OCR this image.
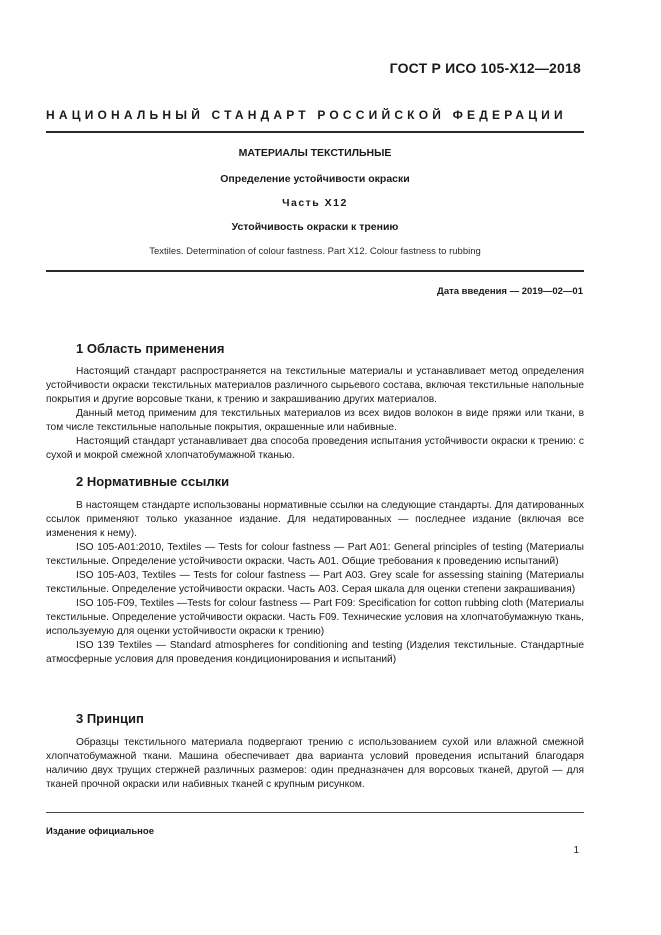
ГОСТ Р ИСО 105-X12—2018
НАЦИОНАЛЬНЫЙ СТАНДАРТ РОССИЙСКОЙ ФЕДЕРАЦИИ
МАТЕРИАЛЫ ТЕКСТИЛЬНЫЕ
Определение устойчивости окраски
Часть X12
Устойчивость окраски к трению
Textiles. Determination of colour fastness. Part X12. Colour fastness to rubbing
Дата введения — 2019—02—01
1 Область применения

Настоящий стандарт распространяется на текстильные материалы и устанавливает метод определения устойчивости окраски текстильных материалов различного сырьевого состава, включая текстильные напольные покрытия и другие ворсовые ткани, к трению и закрашиванию других материалов.

Данный метод применим для текстильных материалов из всех видов волокон в виде пряжи или ткани, в том числе текстильные напольные покрытия, окрашенные или набивные.

Настоящий стандарт устанавливает два способа проведения испытания устойчивости окраски к трению: с сухой и мокрой смежной хлопчатобумажной тканью.

2 Нормативные ссылки

В настоящем стандарте использованы нормативные ссылки на следующие стандарты. Для датированных ссылок применяют только указанное издание. Для недатированных — последнее издание (включая все изменения к нему).

ISO 105-A01:2010, Textiles — Tests for colour fastness — Part A01: General principles of testing (Материалы текстильные. Определение устойчивости окраски. Часть А01. Общие требования к проведению испытаний)

ISO 105-A03, Textiles — Tests for colour fastness — Part A03. Grey scale for assessing staining (Материалы текстильные. Определение устойчивости окраски. Часть А03. Серая шкала для оценки степени закрашивания)

ISO 105-F09, Textiles —Tests for colour fastness — Part F09: Specification for cotton rubbing cloth (Материалы текстильные. Определение устойчивости окраски. Часть F09. Технические условия на хлопчатобумажную ткань, используемую для оценки устойчивости окраски к трению)

ISO 139 Textiles — Standard atmospheres for conditioning and testing (Изделия текстильные. Стандартные атмосферные условия для проведения кондиционирования и испытаний)

3 Принцип

Образцы текстильного материала подвергают трению с использованием сухой или влажной смежной хлопчатобумажной ткани. Машина обеспечивает два варианта условий проведения испытаний благодаря наличию двух трущих стержней различных размеров: один предназначен для ворсовых тканей, другой — для тканей прочной окраски или набивных тканей с крупным рисунком.

Издание официальное
1
